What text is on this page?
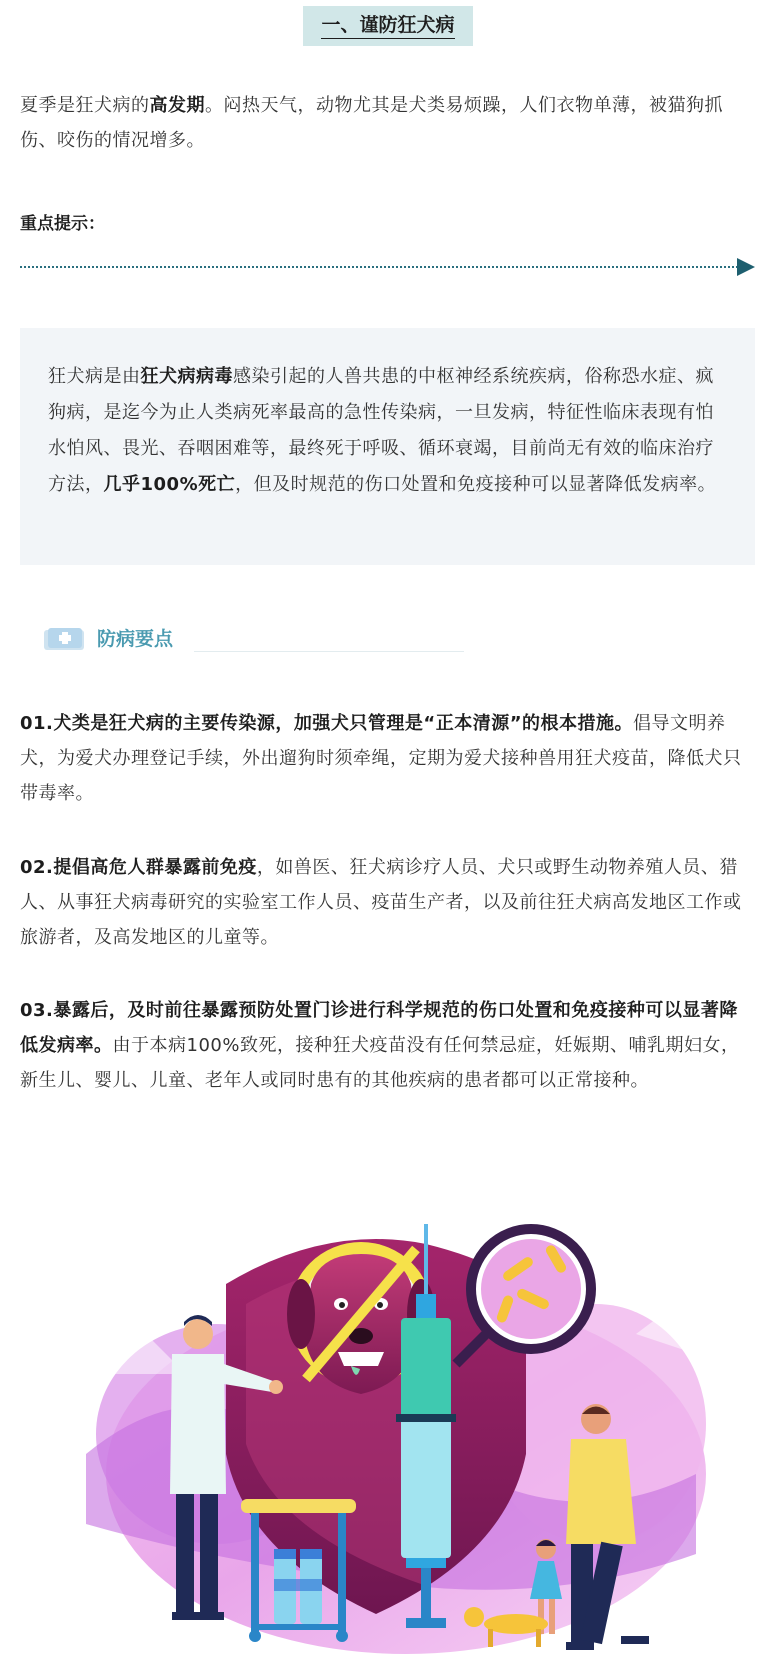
一、谨防狂犬病

夏季是狂犬病的高发期。闷热天气，动物尤其是犬类易烦躁，人们衣物单薄，被猫狗抓伤、咬伤的情况增多。

重点提示：

狂犬病是由狂犬病病毒感染引起的人兽共患的中枢神经系统疾病，俗称恐水症、疯狗病，是迄今为止人类病死率最高的急性传染病，一旦发病，特征性临床表现有怕水怕风、畏光、吞咽困难等，最终死于呼吸、循环衰竭，目前尚无有效的临床治疗方法，几乎100%死亡，但及时规范的伤口处置和免疫接种可以显著降低发病率。

防病要点

01.犬类是狂犬病的主要传染源，加强犬只管理是“正本清源”的根本措施。倡导文明养犬，为爱犬办理登记手续，外出遛狗时须牵绳，定期为爱犬接种兽用狂犬疫苗，降低犬只带毒率。

02.提倡高危人群暴露前免疫，如兽医、狂犬病诊疗人员、犬只或野生动物养殖人员、猎人、从事狂犬病毒研究的实验室工作人员、疫苗生产者，以及前往狂犬病高发地区工作或旅游者，及高发地区的儿童等。

03.暴露后，及时前往暴露预防处置门诊进行科学规范的伤口处置和免疫接种可以显著降低发病率。由于本病100%致死，接种狂犬疫苗没有任何禁忌症，妊娠期、哺乳期妇女，新生儿、婴儿、儿童、老年人或同时患有的其他疾病的患者都可以正常接种。
